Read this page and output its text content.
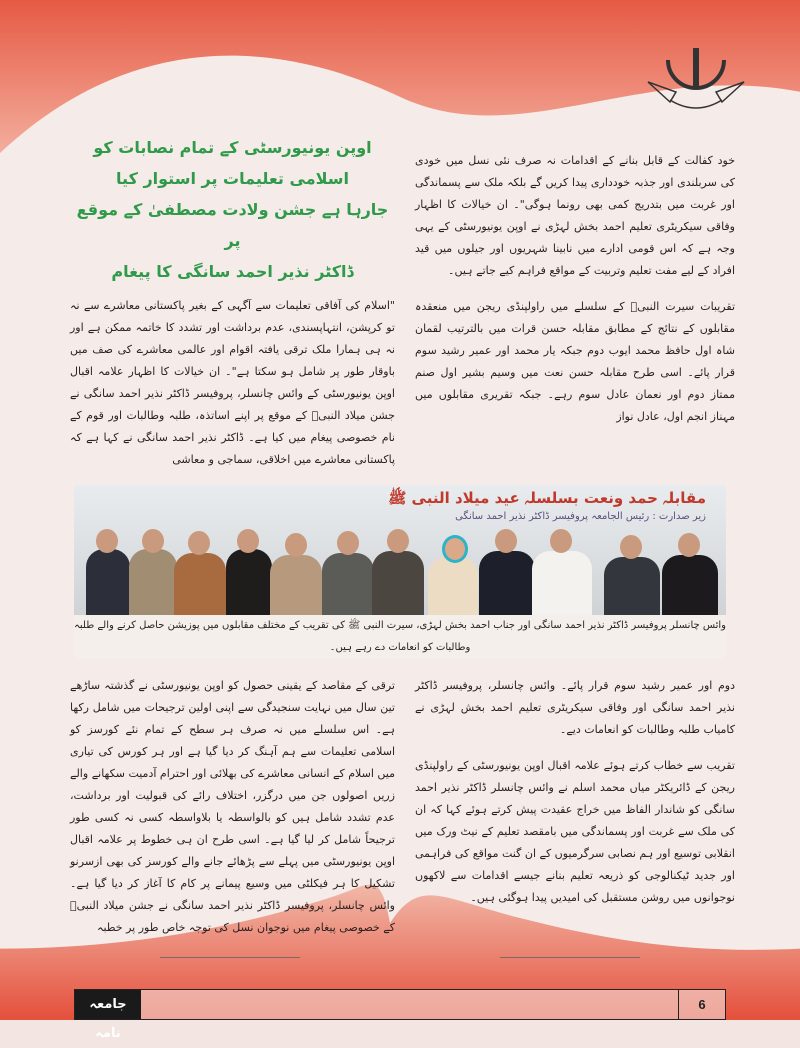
خود کفالت کے قابل بنانے کے اقدامات نہ صرف نئی نسل میں خودی کی سربلندی اور جذبہ خودداری پیدا کریں گے بلکہ ملک سے پسماندگی اور غربت میں بتدریج کمی بھی رونما ہوگی"۔ ان خیالات کا اظہار وفاقی سیکریٹری تعلیم احمد بخش لہڑی نے اوپن یونیورسٹی کے یہی وجہ ہے کہ اس قومی ادارے میں نابینا شہریوں اور جیلوں میں قید افراد کے لیے مفت تعلیم وتربیت کے مواقع فراہم کیے جاتے ہیں۔
تقریبات سیرت النبیؐ کے سلسلے میں راولپنڈی ریجن میں منعقدہ مقابلوں کے نتائج کے مطابق مقابلہ حسن قرات میں بالترتیب لقمان شاہ اول حافظ محمد ایوب دوم جبکہ یار محمد اور عمیر رشید سوم قرار پائے۔ اسی طرح مقابلہ حسن نعت میں وسیم بشیر اول صنم ممتاز دوم اور نعمان عادل سوم رہے۔ جبکہ تقریری مقابلوں میں مہناز انجم اول، عادل نواز
اوپن یونیورسٹی کے تمام نصابات کو اسلامی تعلیمات پر استوار کیا
جارہا ہے جشن ولادت مصطفیٰ کے موقع پر
ڈاکٹر نذیر احمد سانگی کا پیغام
"اسلام کی آفاقی تعلیمات سے آگہی کے بغیر پاکستانی معاشرے سے نہ تو کرپشن، انتہاپسندی، عدم برداشت اور تشدد کا خاتمہ ممکن ہے اور نہ ہی ہمارا ملک ترقی یافتہ اقوام اور عالمی معاشرے کی صف میں باوقار طور پر شامل ہو سکتا ہے"۔ ان خیالات کا اظہار علامہ اقبال اوپن یونیورسٹی کے وائس چانسلر، پروفیسر ڈاکٹر نذیر احمد سانگی نے جشن میلاد النبیؐ کے موقع پر اپنے اساتذہ، طلبہ وطالبات اور قوم کے نام خصوصی پیغام میں کیا ہے۔ ڈاکٹر نذیر احمد سانگی نے کہا ہے کہ پاکستانی معاشرے میں اخلاقی، سماجی و معاشی
مقابلہ حمد ونعت بسلسلہ عید میلاد النبی ﷺ
زیر صدارت : رئیس الجامعہ پروفیسر ڈاکٹر نذیر احمد سانگی
وائس چانسلر پروفیسر ڈاکٹر نذیر احمد سانگی اور جناب احمد بخش لہڑی، سیرت النبی ﷺ کی تقریب کے مختلف مقابلوں میں پوزیشن حاصل کرنے والے طلبہ وطالبات کو انعامات دے رہے ہیں۔
دوم اور عمیر رشید سوم قرار پائے۔ وائس چانسلر، پروفیسر ڈاکٹر نذیر احمد سانگی اور وفاقی سیکریٹری تعلیم احمد بخش لہڑی نے کامیاب طلبہ وطالبات کو انعامات دیے۔
تقریب سے خطاب کرتے ہوئے علامہ اقبال اوپن یونیورسٹی کے راولپنڈی ریجن کے ڈائریکٹر میاں محمد اسلم نے وائس چانسلر ڈاکٹر نذیر احمد سانگی کو شاندار الفاظ میں خراج عقیدت پیش کرتے ہوئے کہا کہ ان کی ملک سے غربت اور پسماندگی میں بامقصد تعلیم کے نیٹ ورک میں انقلابی توسیع اور ہم نصابی سرگرمیوں کے ان گنت مواقع کی فراہمی اور جدید ٹیکنالوجی کو ذریعہ تعلیم بنانے جیسے اقدامات سے لاکھوں نوجوانوں میں روشن مستقبل کی امیدیں پیدا ہوگئی ہیں۔
ترقی کے مقاصد کے یقینی حصول کو اوپن یونیورسٹی نے گذشتہ ساڑھے تین سال میں نہایت سنجیدگی سے اپنی اولین ترجیحات میں شامل رکھا ہے۔ اس سلسلے میں نہ صرف ہر سطح کے تمام نئے کورسز کو اسلامی تعلیمات سے ہم آہنگ کر دیا گیا ہے اور ہر کورس کی تیاری میں اسلام کے انسانی معاشرے کی بھلائی اور احترام آدمیت سکھانے والے زریں اصولوں جن میں درگزر، اختلاف رائے کی قبولیت اور برداشت، عدم تشدد شامل ہیں کو بالواسطہ یا بلاواسطہ کسی نہ کسی طور ترجیحاً شامل کر لیا گیا ہے۔ اسی طرح ان ہی خطوط پر علامہ اقبال اوپن یونیورسٹی میں پہلے سے پڑھائے جانے والے کورسز کی بھی ازسرنو تشکیل کا ہر فیکلٹی میں وسیع پیمانے پر کام کا آغاز کر دیا گیا ہے۔ وائس چانسلر، پروفیسر ڈاکٹر نذیر احمد سانگی نے جشن میلاد النبیؐ کے خصوصی پیغام میں نوجوان نسل کی توجہ خاص طور پر خطبہ
جامعہ نامہ
6
